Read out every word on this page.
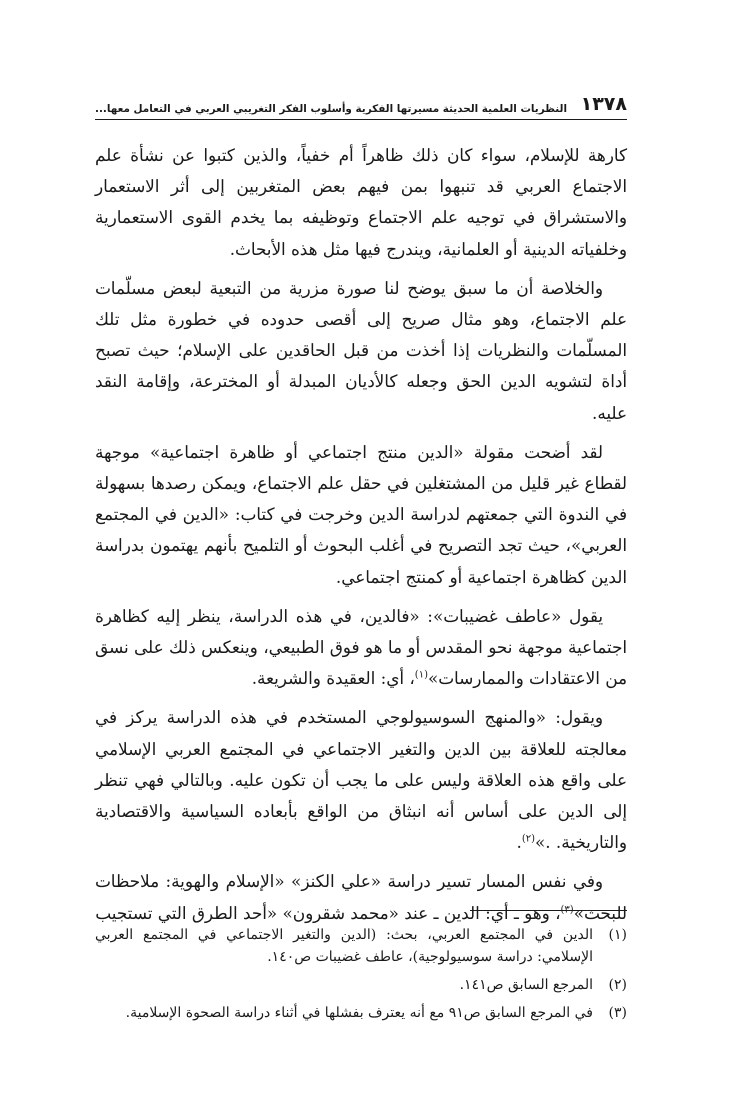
١٣٧٨
النظريات العلمية الحديثة مسيرتها الفكرية وأسلوب الفكر التغريبي العربي في التعامل معها...

كارهة للإسلام، سواء كان ذلك ظاهراً أم خفياً، والذين كتبوا عن نشأة علم الاجتماع العربي قد تنبهوا بمن فيهم بعض المتغربين إلى أثر الاستعمار والاستشراق في توجيه علم الاجتماع وتوظيفه بما يخدم القوى الاستعمارية وخلفياته الدينية أو العلمانية، ويندرج فيها مثل هذه الأبحاث.

والخلاصة أن ما سبق يوضح لنا صورة مزرية من التبعية لبعض مسلّمات علم الاجتماع، وهو مثال صريح إلى أقصى حدوده في خطورة مثل تلك المسلّمات والنظريات إذا أخذت من قبل الحاقدين على الإسلام؛ حيث تصبح أداة لتشويه الدين الحق وجعله كالأديان المبدلة أو المخترعة، وإقامة النقد عليه.

لقد أضحت مقولة «الدين منتج اجتماعي أو ظاهرة اجتماعية» موجهة لقطاع غير قليل من المشتغلين في حقل علم الاجتماع، ويمكن رصدها بسهولة في الندوة التي جمعتهم لدراسة الدين وخرجت في كتاب: «الدين في المجتمع العربي»، حيث تجد التصريح في أغلب البحوث أو التلميح بأنهم يهتمون بدراسة الدين كظاهرة اجتماعية أو كمنتج اجتماعي.

يقول «عاطف غضيبات»: «فالدين، في هذه الدراسة، ينظر إليه كظاهرة اجتماعية موجهة نحو المقدس أو ما هو فوق الطبيعي، وينعكس ذلك على نسق من الاعتقادات والممارسات»$^{(١)}$، أي: العقيدة والشريعة.

ويقول: «والمنهج السوسيولوجي المستخدم في هذه الدراسة يركز في معالجته للعلاقة بين الدين والتغير الاجتماعي في المجتمع العربي الإسلامي على واقع هذه العلاقة وليس على ما يجب أن تكون عليه. وبالتالي فهي تنظر إلى الدين على أساس أنه انبثاق من الواقع بأبعاده السياسية والاقتصادية والتاريخية. .»$^{(٢)}$.

وفي نفس المسار تسير دراسة «علي الكنز» «الإسلام والهوية: ملاحظات للبحث»$^{(٣)}$، وهو ـ أي: الدين ـ عند «محمد شقرون» «أحد الطرق التي تستجيب

(١)
الدين في المجتمع العربي، بحث: (الدين والتغير الاجتماعي في المجتمع العربي الإسلامي: دراسة سوسيولوجية)، عاطف غضيبات ص١٤٠.
(٢)
المرجع السابق ص١٤١.
(٣)
في المرجع السابق ص٩١ مع أنه يعترف بفشلها في أثناء دراسة الصحوة الإسلامية.
